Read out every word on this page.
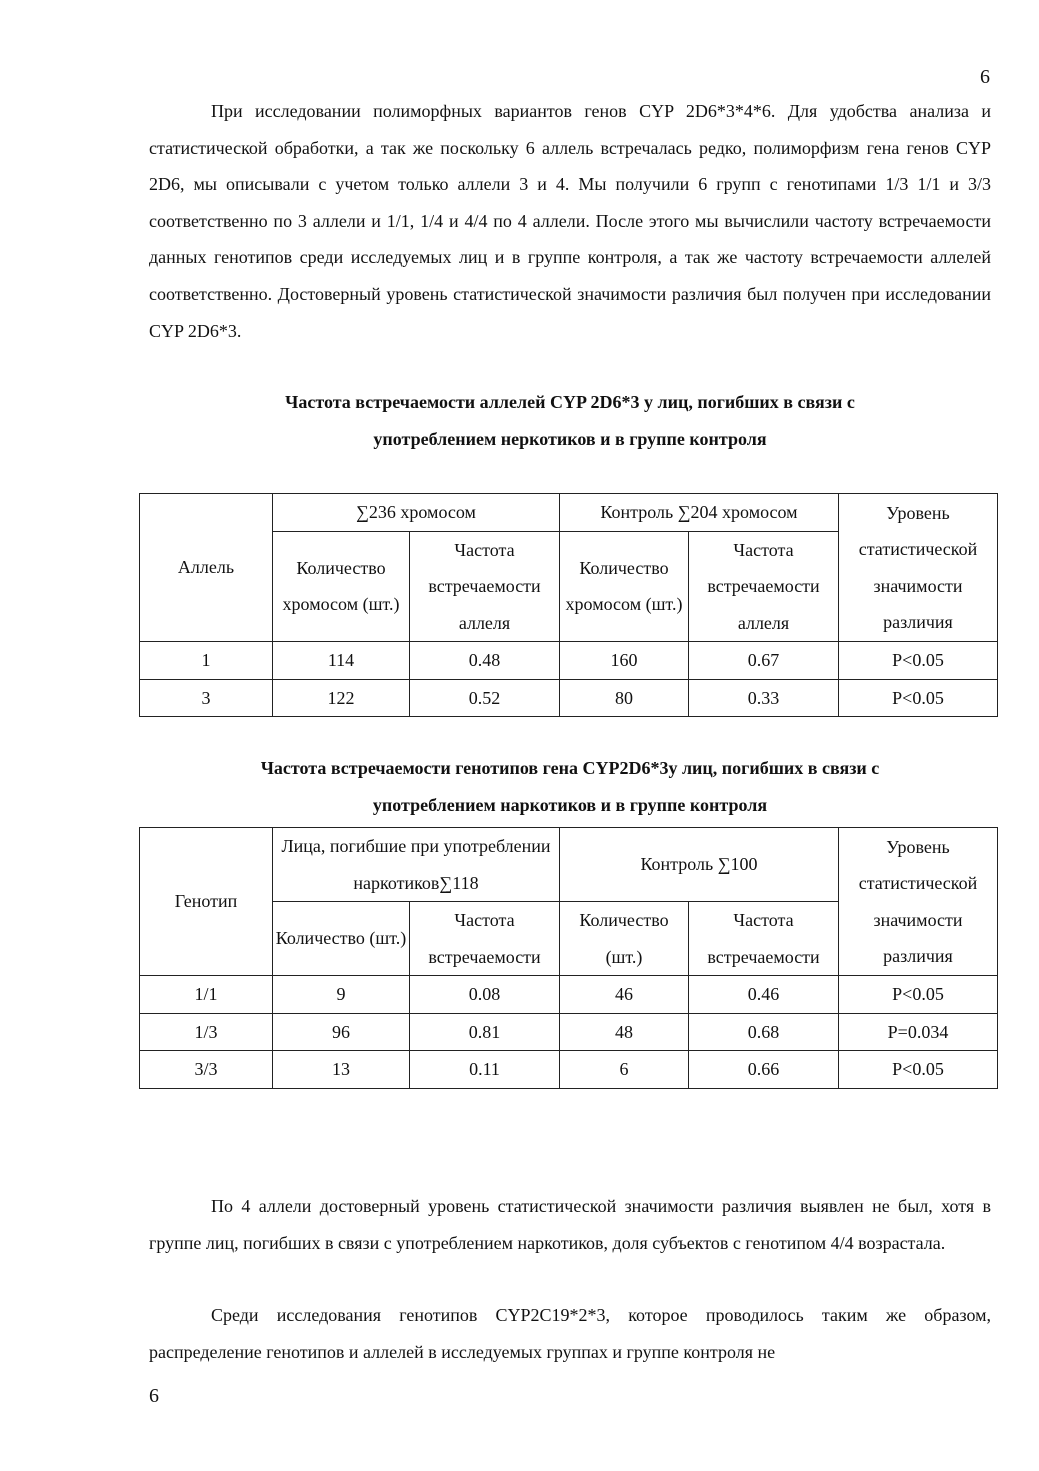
6

При исследовании полиморфных вариантов генов CYP 2D6*3*4*6. Для удобства анализа и статистической обработки, а так же поскольку 6 аллель встречалась редко, полиморфизм гена генов CYP 2D6, мы описывали с учетом только аллели 3 и 4. Мы получили 6 групп с генотипами 1/3 1/1 и 3/3 соответственно по 3 аллели и 1/1, 1/4 и 4/4 по 4 аллели. После этого мы вычислили частоту встречаемости данных генотипов среди исследуемых лиц и в группе контроля, а так же частоту встречаемости аллелей соответственно. Достоверный уровень статистической значимости различия был получен при исследовании CYP 2D6*3.

Частота встречаемости аллелей CYP 2D6*3 у лиц, погибших в связи с
употреблением неркотиков и в группе контроля

Аллель	∑236 хромосом		Контроль ∑204 хромосом		Уровень статистической значимости различия
	Количество хромосом (шт.)	Частота встречаемости аллеля	Количество хромосом (шт.)	Частота встречаемости аллеля	
1	114	0.48	160	0.67	P<0.05
3	122	0.52	80	0.33	P<0.05

Частота встречаемости генотипов гена CYP2D6*3у лиц, погибших в связи с
употреблением наркотиков и в группе контроля

Генотип	Лица, погибшие при употреблении наркотиков∑118		Контроль ∑100		Уровень статистической значимости различия
	Количество (шт.)	Частота встречаемости	Количество (шт.)	Частота встречаемости	
1/1	9	0.08	46	0.46	P<0.05
1/3	96	0.81	48	0.68	P=0.034
3/3	13	0.11	6	0.66	P<0.05

По 4 аллели достоверный уровень статистической значимости различия выявлен не был, хотя в группе лиц, погибших в связи с употреблением наркотиков, доля субъектов с генотипом 4/4 возрастала.

Среди исследования генотипов CYP2C19*2*3, которое проводилось таким же образом, распределение генотипов и аллелей в исследуемых группах и группе контроля не

6
